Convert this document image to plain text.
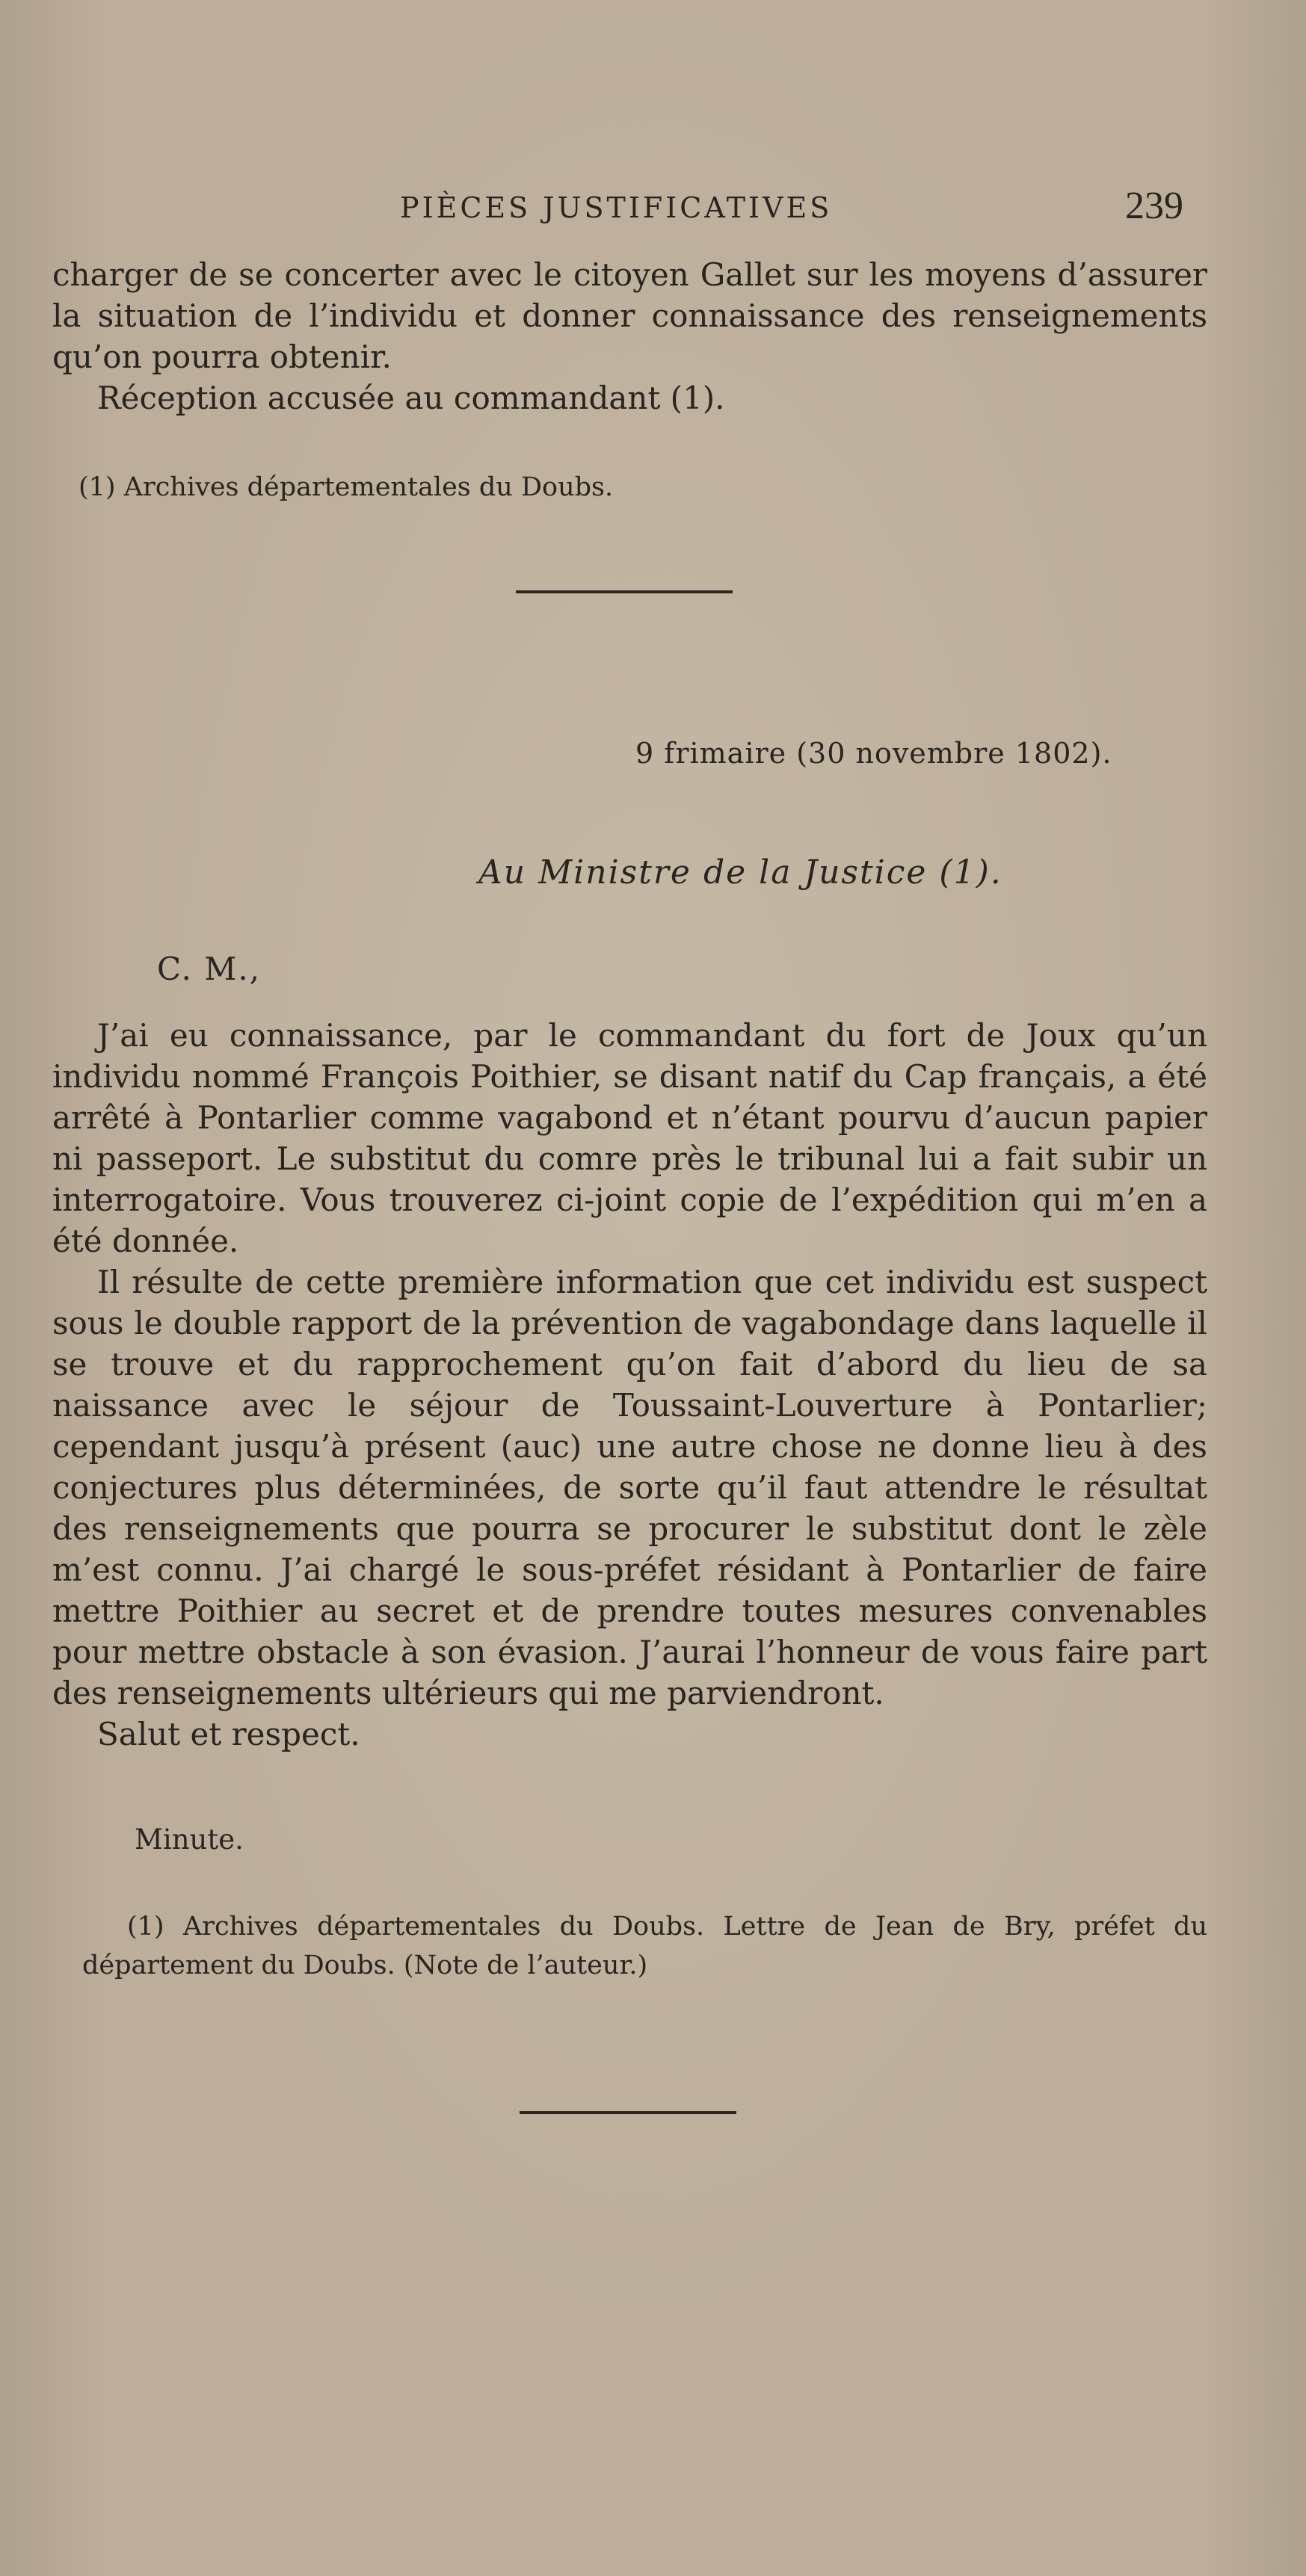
PIÈCES JUSTIFICATIVES	239

charger de se concerter avec le citoyen Gallet sur les moyens d’assurer la situation de l’individu et donner connaissance des renseignements qu’on pourra obtenir.

Réception accusée au commandant (1).

(1) Archives départementales du Doubs.

9 frimaire (30 novembre 1802).
Au Ministre de la Justice (1).
C. M.,

J’ai eu connaissance, par le commandant du fort de Joux qu’un individu nommé François Poithier, se disant natif du Cap français, a été arrêté à Pontarlier comme vagabond et n’étant pourvu d’aucun papier ni passeport. Le substitut du comre près le tribunal lui a fait subir un interrogatoire. Vous trouverez ci-joint copie de l’expédition qui m’en a été donnée.

Il résulte de cette première information que cet individu est suspect sous le double rapport de la prévention de vagabondage dans laquelle il se trouve et du rapprochement qu’on fait d’abord du lieu de sa naissance avec le séjour de Toussaint-Louverture à Pontarlier; cependant jusqu’à présent (auc) une autre chose ne donne lieu à des conjectures plus déterminées, de sorte qu’il faut attendre le résultat des renseignements que pourra se procurer le substitut dont le zèle m’est connu. J’ai chargé le sous-préfet résidant à Pontarlier de faire mettre Poithier au secret et de prendre toutes mesures convenables pour mettre obstacle à son évasion. J’aurai l’honneur de vous faire part des renseignements ultérieurs qui me parviendront.

Salut et respect.

Minute.

(1) Archives départementales du Doubs. Lettre de Jean de Bry, préfet du département du Doubs. (Note de l’auteur.)
